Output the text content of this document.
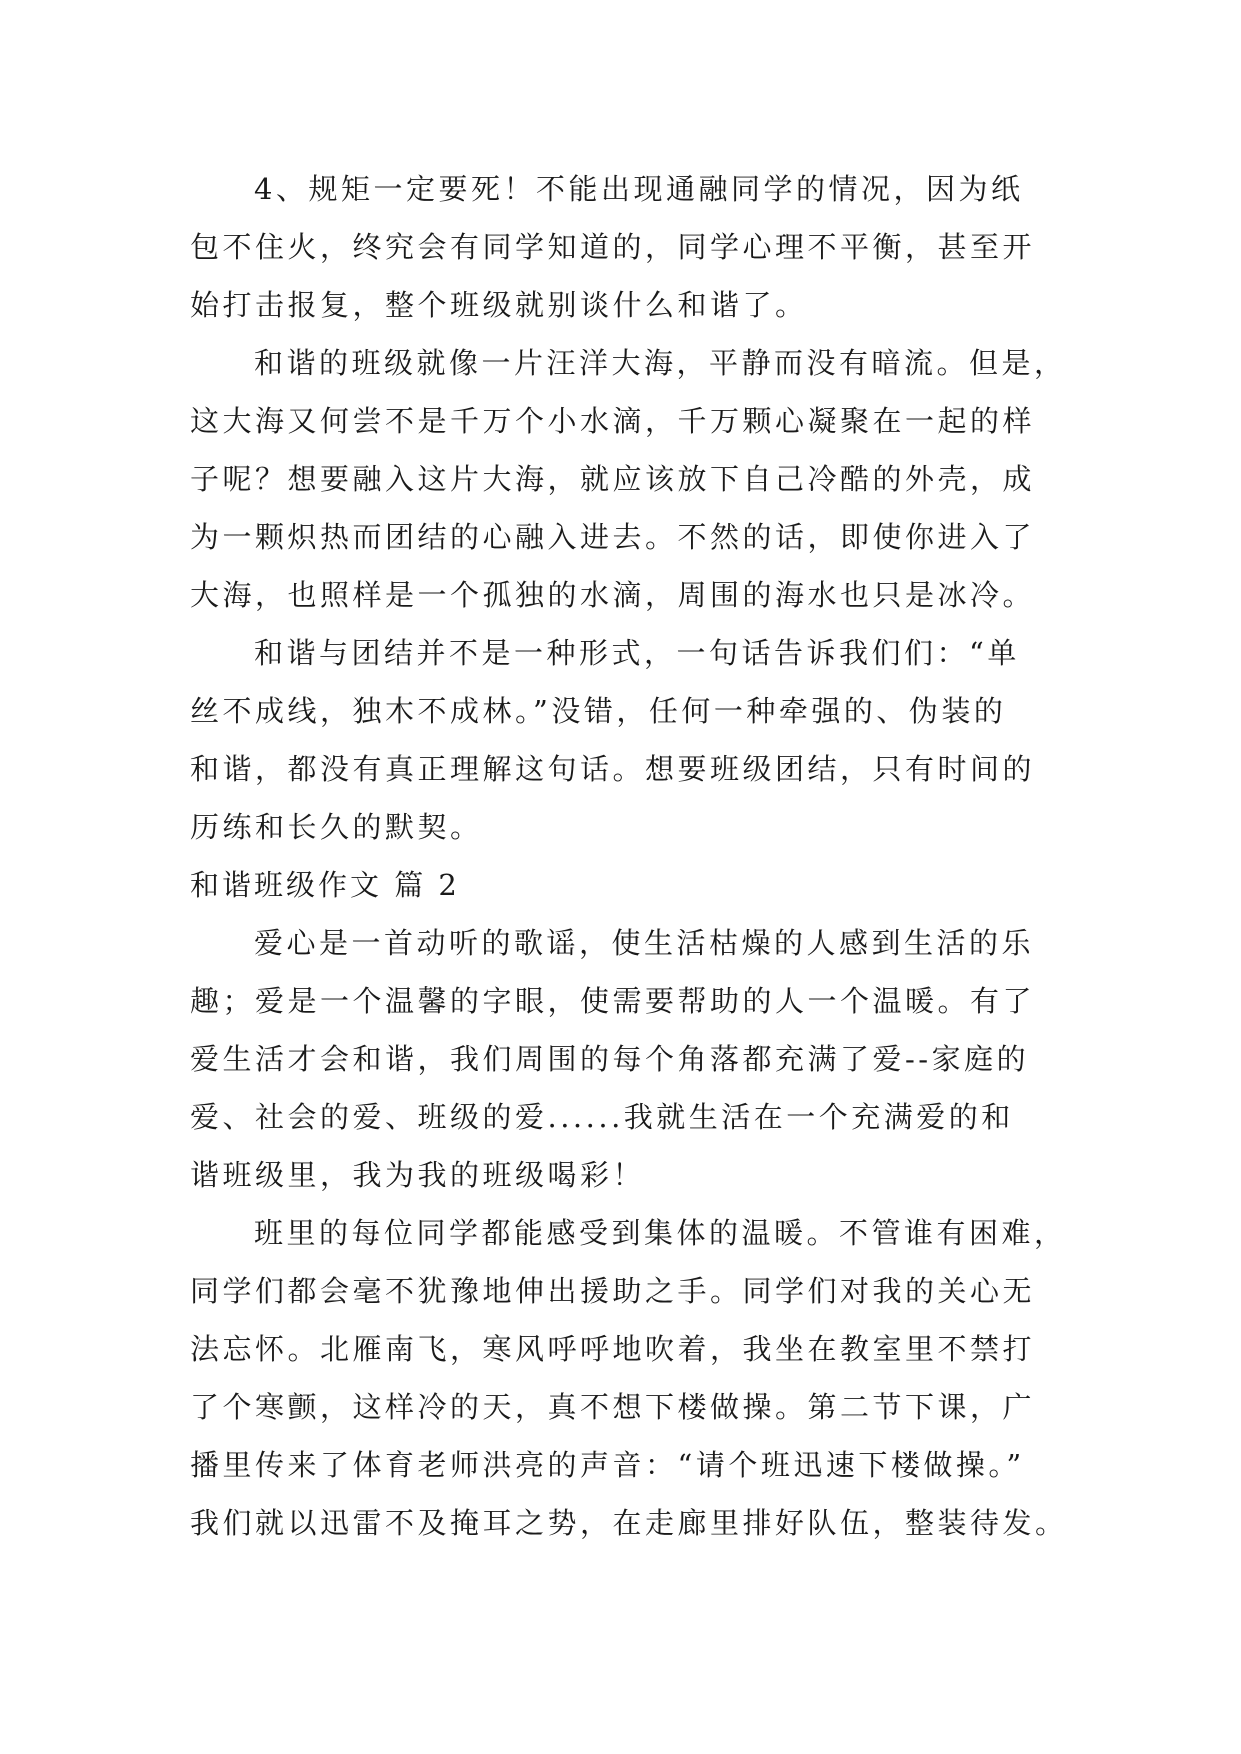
4、规矩一定要死！不能出现通融同学的情况，因为纸
包不住火，终究会有同学知道的，同学心理不平衡，甚至开
始打击报复，整个班级就别谈什么和谐了。
和谐的班级就像一片汪洋大海，平静而没有暗流。但是，
这大海又何尝不是千万个小水滴，千万颗心凝聚在一起的样
子呢？想要融入这片大海，就应该放下自己冷酷的外壳，成
为一颗炽热而团结的心融入进去。不然的话，即使你进入了
大海，也照样是一个孤独的水滴，周围的海水也只是冰冷。
和谐与团结并不是一种形式，一句话告诉我们们：“单
丝不成线，独木不成林。”没错，任何一种牵强的、伪装的
和谐，都没有真正理解这句话。想要班级团结，只有时间的
历练和长久的默契。
和谐班级作文 篇 2
爱心是一首动听的歌谣，使生活枯燥的人感到生活的乐
趣；爱是一个温馨的字眼，使需要帮助的人一个温暖。有了
爱生活才会和谐，我们周围的每个角落都充满了爱--家庭的
爱、社会的爱、班级的爱......我就生活在一个充满爱的和
谐班级里，我为我的班级喝彩！
班里的每位同学都能感受到集体的温暖。不管谁有困难，
同学们都会毫不犹豫地伸出援助之手。同学们对我的关心无
法忘怀。北雁南飞，寒风呼呼地吹着，我坐在教室里不禁打
了个寒颤，这样冷的天，真不想下楼做操。第二节下课，广
播里传来了体育老师洪亮的声音：“请个班迅速下楼做操。”
我们就以迅雷不及掩耳之势，在走廊里排好队伍，整装待发。
